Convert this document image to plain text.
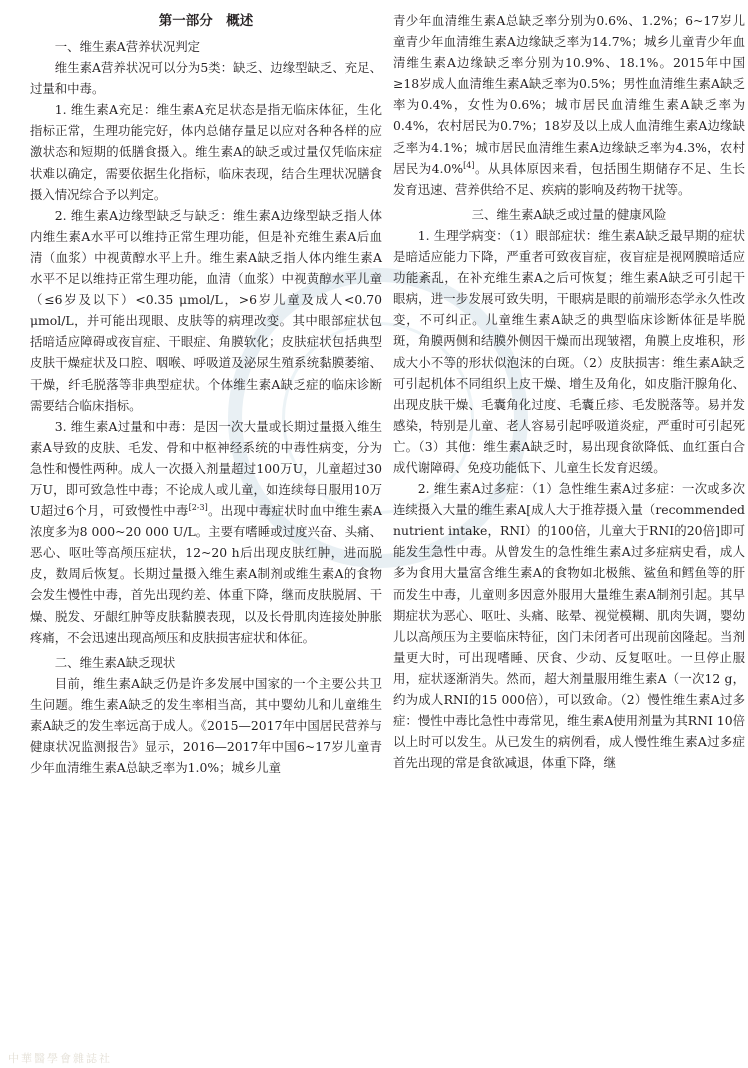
第一部分　概述
一、维生素A营养状况判定

维生素A营养状况可以分为5类：缺乏、边缘型缺乏、充足、过量和中毒。

1. 维生素A充足：维生素A充足状态是指无临床体征，生化指标正常，生理功能完好，体内总储存量足以应对各种各样的应激状态和短期的低膳食摄入。维生素A的缺乏或过量仅凭临床症状难以确定，需要依据生化指标，临床表现，结合生理状况膳食摄入情况综合予以判定。

2. 维生素A边缘型缺乏与缺乏：维生素A边缘型缺乏指人体内维生素A水平可以维持正常生理功能，但是补充维生素A后血清（血浆）中视黄醇水平上升。维生素A缺乏指人体内维生素A水平不足以维持正常生理功能，血清（血浆）中视黄醇水平儿童（≤6岁及以下）<0.35 μmol/L，>6岁儿童及成人<0.70 μmol/L，并可能出现眼、皮肤等的病理改变。其中眼部症状包括暗适应障碍或夜盲症、干眼症、角膜软化；皮肤症状包括典型皮肤干燥症状及口腔、咽喉、呼吸道及泌尿生殖系统黏膜萎缩、干燥，纤毛脱落等非典型症状。个体维生素A缺乏症的临床诊断需要结合临床指标。

3. 维生素A过量和中毒：是因一次大量或长期过量摄入维生素A导致的皮肤、毛发、骨和中枢神经系统的中毒性病变，分为急性和慢性两种。成人一次摄入剂量超过100万U，儿童超过30万U，即可致急性中毒；不论成人或儿童，如连续每日服用10万U超过6个月，可致慢性中毒[2-3]。出现中毒症状时血中维生素A浓度多为8 000~20 000 U/L。主要有嗜睡或过度兴奋、头痛、恶心、呕吐等高颅压症状，12~20 h后出现皮肤红肿，进而脱皮，数周后恢复。长期过量摄入维生素A制剂或维生素A的食物会发生慢性中毒，首先出现约差、体重下降，继而皮肤脱屑、干燥、脱发、牙龈红肿等皮肤黏膜表现，以及长骨肌肉连接处肿胀疼痛，不会迅速出现高颅压和皮肤损害症状和体征。

二、维生素A缺乏现状

目前，维生素A缺乏仍是许多发展中国家的一个主要公共卫生问题。维生素A缺乏的发生率相当高，其中婴幼儿和儿童维生素A缺乏的发生率远高于成人。《2015—2017年中国居民营养与健康状况监测报告》显示，2016—2017年中国6~17岁儿童青少年血清维生素A总缺乏率为1.0%；城乡儿童

青少年血清维生素A总缺乏率分别为0.6%、1.2%；6~17岁儿童青少年血清维生素A边缘缺乏率为14.7%；城乡儿童青少年血清维生素A边缘缺乏率分别为10.9%、18.1%。2015年中国≥18岁成人血清维生素A缺乏率为0.5%；男性血清维生素A缺乏率为0.4%，女性为0.6%；城市居民血清维生素A缺乏率为0.4%，农村居民为0.7%；18岁及以上成人血清维生素A边缘缺乏率为4.1%；城市居民血清维生素A边缘缺乏率为4.3%，农村居民为4.0%[4]。从具体原因来看，包括围生期储存不足、生长发育迅速、营养供给不足、疾病的影响及药物干扰等。

三、维生素A缺乏或过量的健康风险

1. 生理学病变：（1）眼部症状：维生素A缺乏最早期的症状是暗适应能力下降，严重者可致夜盲症，夜盲症是视网膜暗适应功能紊乱，在补充维生素A之后可恢复；维生素A缺乏可引起干眼病，进一步发展可致失明，干眼病是眼的前端形态学永久性改变，不可纠正。儿童维生素A缺乏的典型临床诊断体征是毕脱斑，角膜两侧和结膜外侧因干燥而出现皱褶，角膜上皮堆积，形成大小不等的形状似泡沫的白斑。（2）皮肤损害：维生素A缺乏可引起机体不同组织上皮干燥、增生及角化，如皮脂汗腺角化、出现皮肤干燥、毛囊角化过度、毛囊丘疹、毛发脱落等。易并发感染，特别是儿童、老人容易引起呼吸道炎症，严重时可引起死亡。（3）其他：维生素A缺乏时，易出现食欲降低、血红蛋白合成代谢障碍、免疫功能低下、儿童生长发育迟缓。

2. 维生素A过多症：（1）急性维生素A过多症：一次或多次连续摄入大量的维生素A[成人大于推荐摄入量（recommended nutrient intake，RNI）的100倍，儿童大于RNI的20倍]即可能发生急性中毒。从曾发生的急性维生素A过多症病史看，成人多为食用大量富含维生素A的食物如北极熊、鲨鱼和鳕鱼等的肝而发生中毒，儿童则多因意外服用大量维生素A制剂引起。其早期症状为恶心、呕吐、头痛、眩晕、视觉模糊、肌肉失调，婴幼儿以高颅压为主要临床特征，囟门未闭者可出现前囟隆起。当剂量更大时，可出现嗜睡、厌食、少动、反复呕吐。一旦停止服用，症状逐渐消失。然而，超大剂量服用维生素A（一次12 g，约为成人RNI的15 000倍），可以致命。（2）慢性维生素A过多症：慢性中毒比急性中毒常见，维生素A使用剂量为其RNI 10倍以上时可以发生。从已发生的病例看，成人慢性维生素A过多症首先出现的常是食欲减退，体重下降，继

中華醫學會雜誌社
